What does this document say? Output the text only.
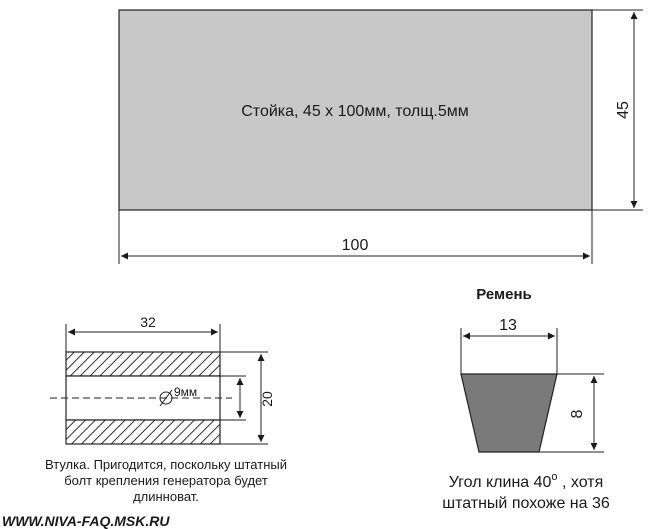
Стойка, 45 х 100мм, толщ.5мм
100
45
32
9мм	20
Втулка. Пригодится, поскольку штатный
болт крепления генератора будет
длинноват.
Ремень
13
8
Угол клина 40$^o$ , хотя
штатный похоже на 36
WWW.NIVA-FAQ.MSK.RU
